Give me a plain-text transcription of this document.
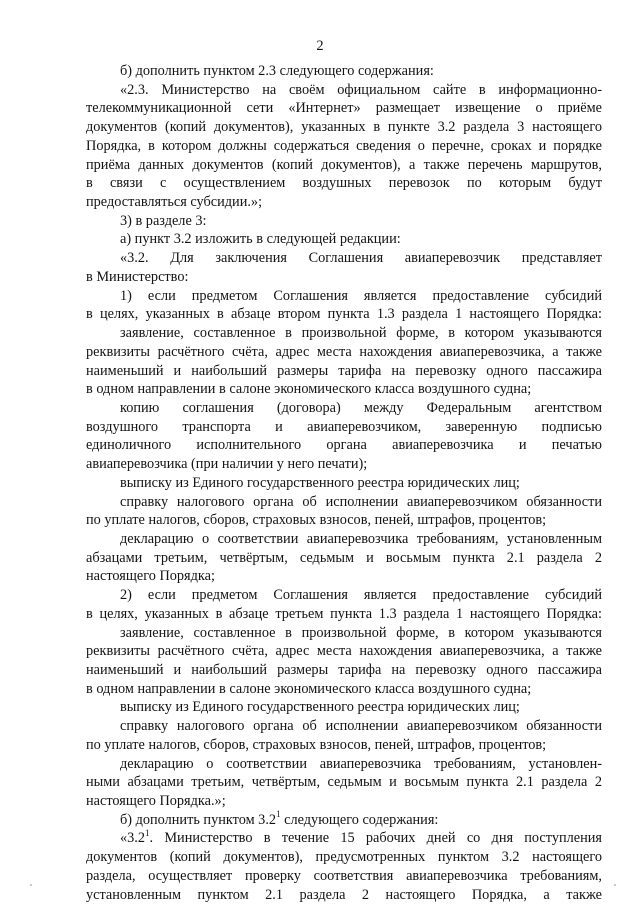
2
б) дополнить пунктом 2.3 следующего содержания:
«2.3. Министерство на своём официальном сайте в информационно-
телекоммуникационной сети «Интернет» размещает извещение о приёме
документов (копий документов), указанных в пункте 3.2 раздела 3 настоящего
Порядка, в котором должны содержаться сведения о перечне, сроках и порядке
приёма данных документов (копий документов), а также перечень маршрутов,
в связи с осуществлением воздушных перевозок по которым будут
предоставляться субсидии.»;
3) в разделе 3:
а) пункт 3.2 изложить в следующей редакции:
«3.2. Для заключения Соглашения авиаперевозчик представляет
в Министерство:
1) если предметом Соглашения является предоставление субсидий
в целях, указанных в абзаце втором пункта 1.3 раздела 1 настоящего Порядка:
заявление, составленное в произвольной форме, в котором указываются
реквизиты расчётного счёта, адрес места нахождения авиаперевозчика, а также
наименьший и наибольший размеры тарифа на перевозку одного пассажира
в одном направлении в салоне экономического класса воздушного судна;
копию соглашения (договора) между Федеральным агентством
воздушного транспорта и авиаперевозчиком, заверенную подписью
единоличного исполнительного органа авиаперевозчика и печатью
авиаперевозчика (при наличии у него печати);
выписку из Единого государственного реестра юридических лиц;
справку налогового органа об исполнении авиаперевозчиком обязанности
по уплате налогов, сборов, страховых взносов, пеней, штрафов, процентов;
декларацию о соответствии авиаперевозчика требованиям, установленным
абзацами третьим, четвёртым, седьмым и восьмым пункта 2.1 раздела 2
настоящего Порядка;
2) если предметом Соглашения является предоставление субсидий
в целях, указанных в абзаце третьем пункта 1.3 раздела 1 настоящего Порядка:
заявление, составленное в произвольной форме, в котором указываются
реквизиты расчётного счёта, адрес места нахождения авиаперевозчика, а также
наименьший и наибольший размеры тарифа на перевозку одного пассажира
в одном направлении в салоне экономического класса воздушного судна;
выписку из Единого государственного реестра юридических лиц;
справку налогового органа об исполнении авиаперевозчиком обязанности
по уплате налогов, сборов, страховых взносов, пеней, штрафов, процентов;
декларацию о соответствии авиаперевозчика требованиям, установлен-
ными абзацами третьим, четвёртым, седьмым и восьмым пункта 2.1 раздела 2
настоящего Порядка.»;
б) дополнить пунктом $3.2^1$ следующего содержания:
«$3.2^1$. Министерство в течение 15 рабочих дней со дня поступления
документов (копий документов), предусмотренных пунктом 3.2 настоящего
раздела, осуществляет проверку соответствия авиаперевозчика требованиям,
установленным пунктом 2.1 раздела 2 настоящего Порядка, а также
